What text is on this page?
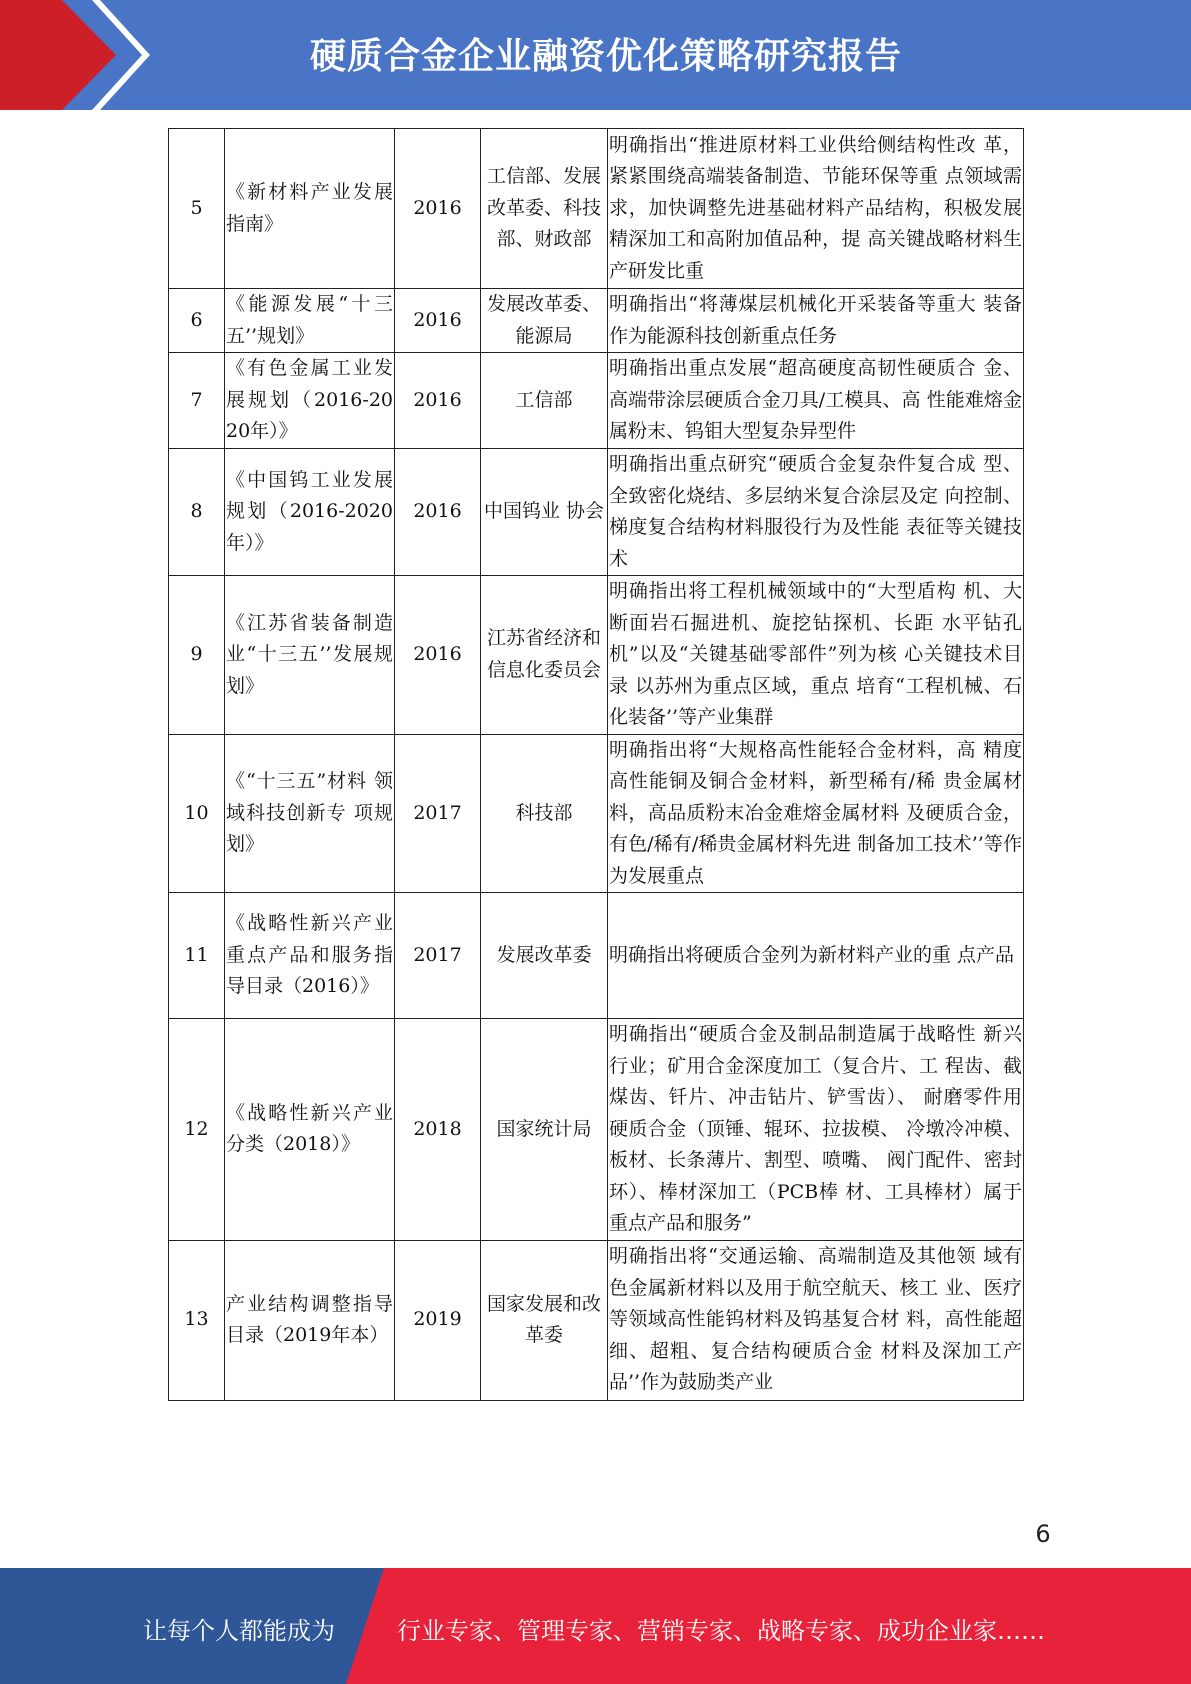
硬质合金企业融资优化策略研究报告
5	《新材料产业发展指南》	2016	工信部、发展改革委、科技部、财政部	明确指出“推进原材料工业供给侧结构性改 革，紧紧围绕高端装备制造、节能环保等重 点领域需求，加快调整先进基础材料产品结构，积极发展精深加工和高附加值品种，提 高关键战略材料生产研发比重
6	《能源发展“十三五’’规划》	2016	发展改革委、能源局	明确指出“将薄煤层机械化开采装备等重大 装备作为能源科技创新重点任务
7	《有色金属工业发展规划（2016-2020年）》	2016	工信部	明确指出重点发展“超高硬度高韧性硬质合 金、高端带涂层硬质合金刀具/工模具、高 性能难熔金属粉末、钨钼大型复杂异型件
8	《中国钨工业发展规划（2016-2020年）》	2016	中国钨业 协会	明确指出重点研究“硬质合金复杂件复合成 型、全致密化烧结、多层纳米复合涂层及定 向控制、梯度复合结构材料服役行为及性能 表征等关键技术
9	《江苏省装备制造业“十三五’’发展规划》	2016	江苏省经济和信息化委员会	明确指出将工程机械领域中的“大型盾构 机、大断面岩石掘进机、旋挖钻探机、长距 水平钻孔机”以及“关键基础零部件”列为核 心关键技术目录 以苏州为重点区域，重点 培育“工程机械、石化装备’’等产业集群
10	《“十三五”材料 领域科技创新专 项规划》	2017	科技部	明确指出将“大规格高性能轻合金材料，高 精度高性能铜及铜合金材料，新型稀有/稀 贵金属材料，高品质粉末冶金难熔金属材料 及硬质合金，有色/稀有/稀贵金属材料先进 制备加工技术’’等作为发展重点
11	《战略性新兴产业重点产品和服务指导目录（2016）》	2017	发展改革委	明确指出将硬质合金列为新材料产业的重 点产品
12	《战略性新兴产业分类（2018）》	2018	国家统计局	明确指出“硬质合金及制品制造属于战略性 新兴行业；矿用合金深度加工（复合片、工 程齿、截煤齿、钎片、冲击钻片、铲雪齿）、 耐磨零件用硬质合金（顶锤、辊环、拉拔模、 冷墩冷冲模、板材、长条薄片、割型、喷嘴、 阀门配件、密封环）、棒材深加工（PCB棒 材、工具棒材）属于重点产品和服务”
13	产业结构调整指导目录（2019年本）	2019	国家发展和改革委	明确指出将“交通运输、高端制造及其他领 域有色金属新材料以及用于航空航天、核工 业、医疗等领域高性能钨材料及钨基复合材 料，高性能超细、超粗、复合结构硬质合金 材料及深加工产品’’作为鼓励类产业
6
让每个人都能成为	行业专家、管理专家、营销专家、战略专家、成功企业家……
